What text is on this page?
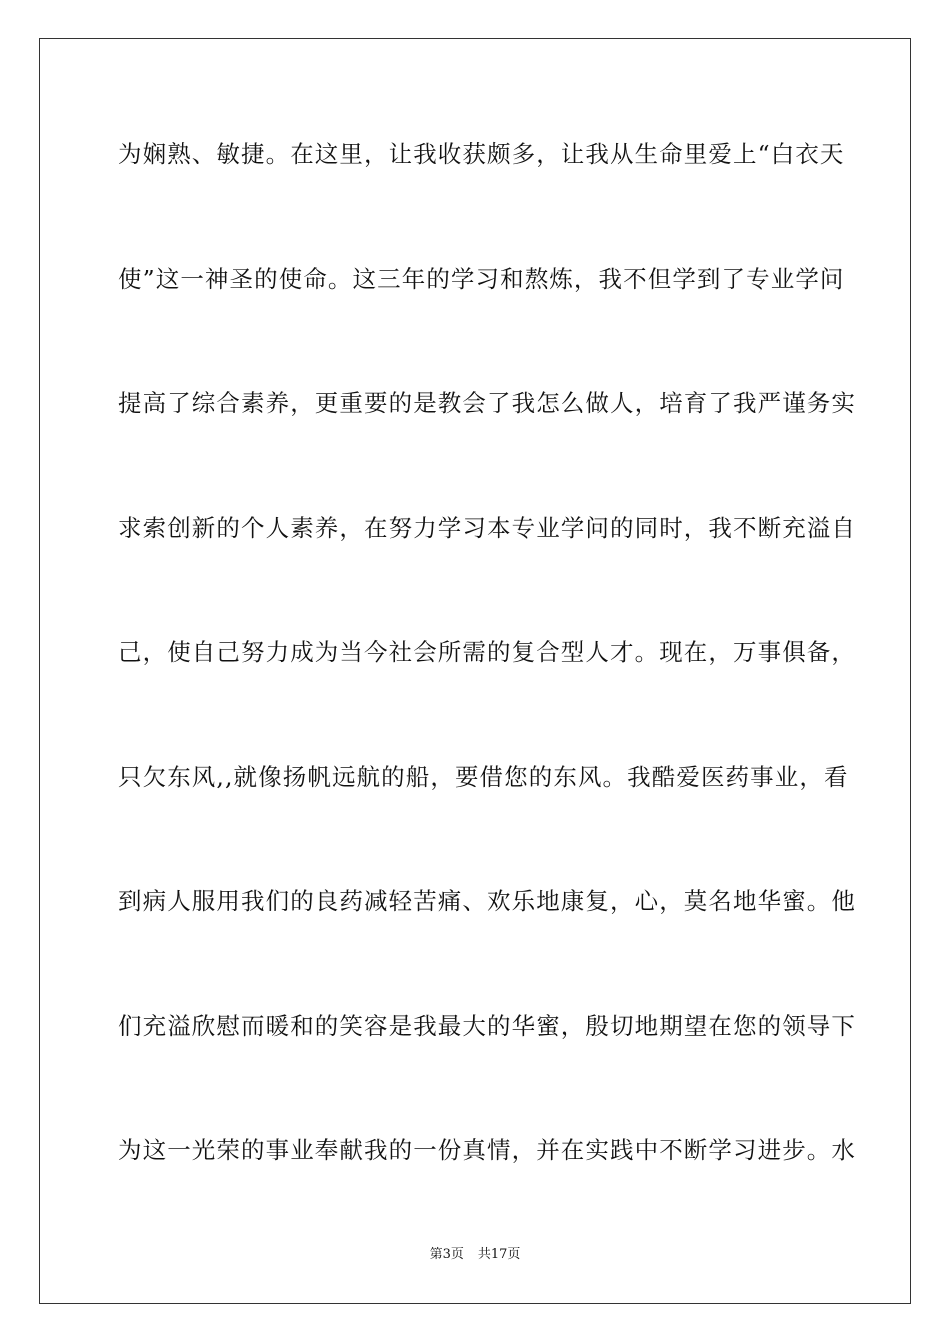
为娴熟、敏捷。在这里，让我收获颇多，让我从生命里爱上“白衣天
使”这一神圣的使命。这三年的学习和熬炼，我不但学到了专业学问
提高了综合素养，更重要的是教会了我怎么做人，培育了我严谨务实
求索创新的个人素养，在努力学习本专业学问的同时，我不断充溢自
己，使自己努力成为当今社会所需的复合型人才。现在，万事俱备，
只欠东风,,就像扬帆远航的船，要借您的东风。我酷爱医药事业，看
到病人服用我们的良药减轻苦痛、欢乐地康复，心，莫名地华蜜。他
们充溢欣慰而暖和的笑容是我最大的华蜜，殷切地期望在您的领导下
为这一光荣的事业奉献我的一份真情，并在实践中不断学习进步。水
第3页 共17页
